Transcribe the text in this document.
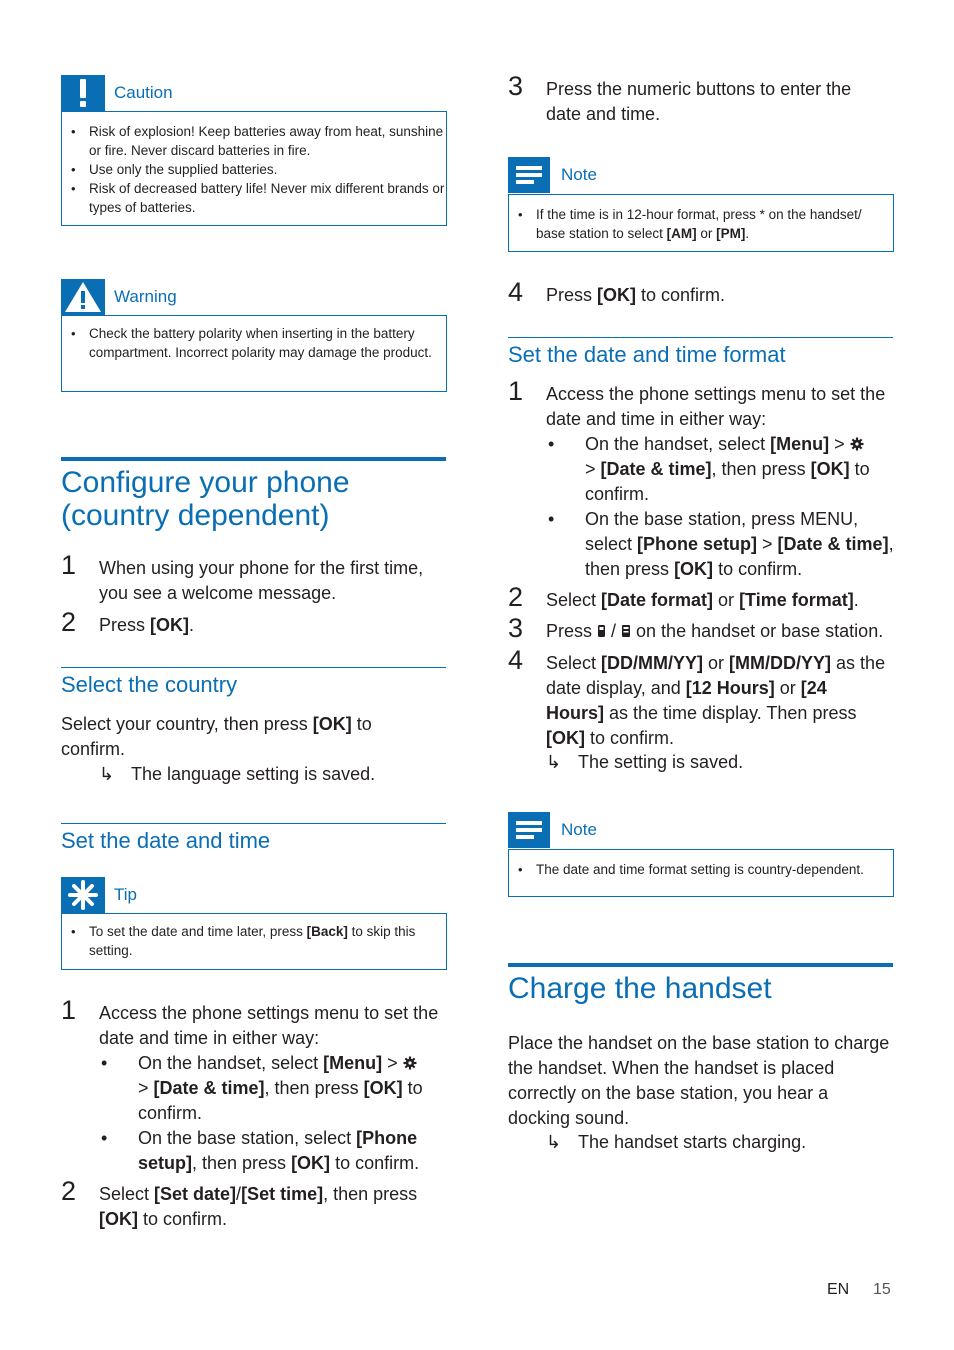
Caution
• Risk of explosion! Keep batteries away from heat, sunshine or fire. Never discard batteries in fire.
• Use only the supplied batteries.
• Risk of decreased battery life! Never mix different brands or types of batteries.
Warning
• Check the battery polarity when inserting in the battery compartment. Incorrect polarity may damage the product.
Configure your phone
(country dependent)
1 When using your phone for the first time, you see a welcome message.
2 Press [OK].
Select the country
Select your country, then press [OK] to confirm.
↳ The language setting is saved.
Set the date and time
Tip
• To set the date and time later, press [Back] to skip this setting.
1 Access the phone settings menu to set the date and time in either way:
• On the handset, select [Menu] >
> [Date & time], then press [OK] to confirm.
• On the base station, select [Phone setup], then press [OK] to confirm.
2 Select [Set date]/[Set time], then press [OK] to confirm.
3 Press the numeric buttons to enter the date and time.
Note
• If the time is in 12-hour format, press * on the handset/ base station to select [AM] or [PM].
4 Press [OK] to confirm.
Set the date and time format
1 Access the phone settings menu to set the date and time in either way:
• On the handset, select [Menu] >
> [Date & time], then press [OK] to confirm.
• On the base station, press MENU, select [Phone setup] > [Date & time], then press [OK] to confirm.
2 Select [Date format] or [Time format].
3 Press  /  on the handset or base station.
4 Select [DD/MM/YY] or [MM/DD/YY] as the date display, and [12 Hours] or [24 Hours] as the time display. Then press [OK] to confirm.
↳ The setting is saved.
Note
• The date and time format setting is country-dependent.
Charge the handset
Place the handset on the base station to charge the handset. When the handset is placed correctly on the base station, you hear a docking sound.
↳ The handset starts charging.
EN 15
